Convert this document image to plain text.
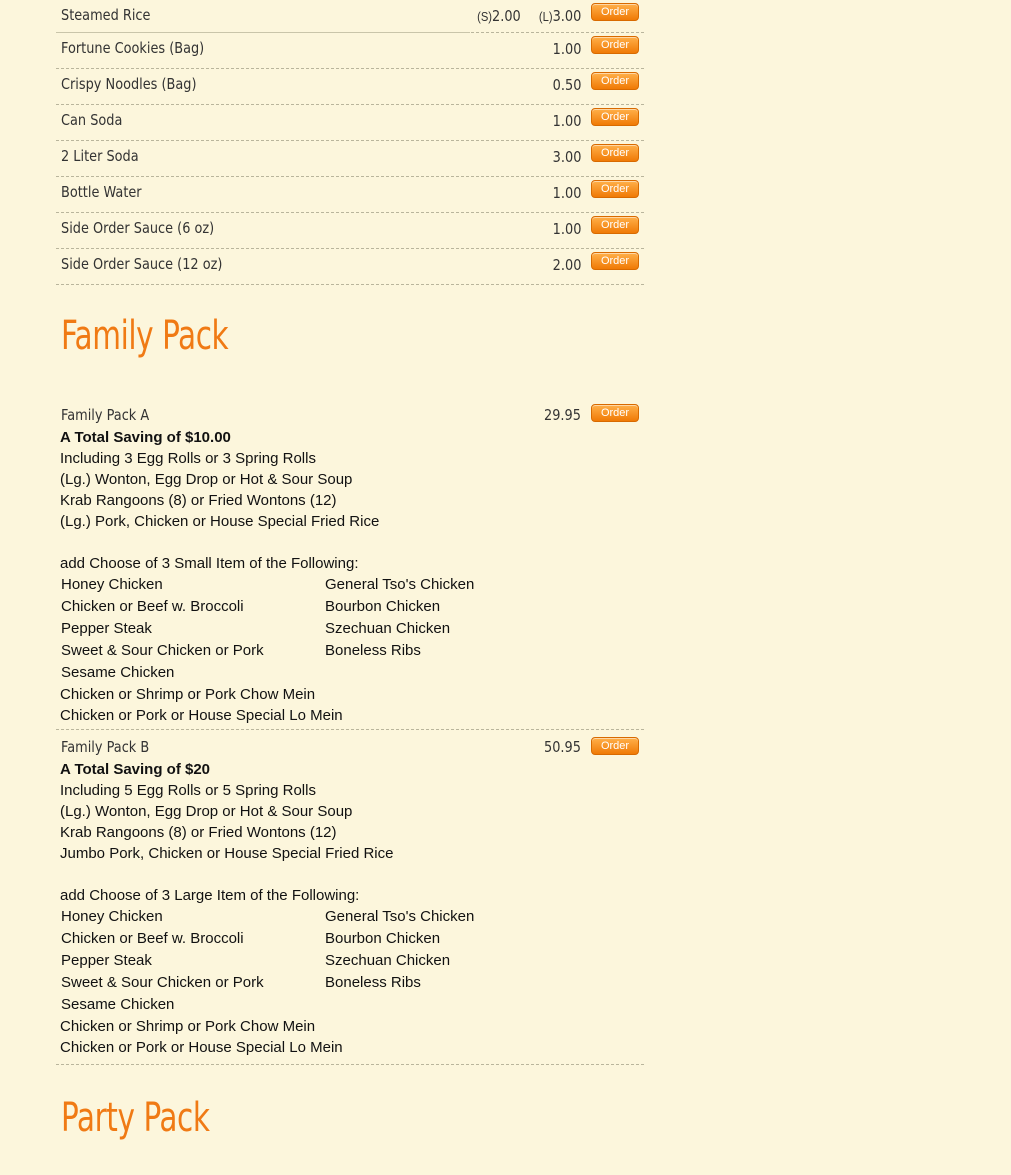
Steamed Rice	(S)2.00 (L)3.00	Order
Fortune Cookies (Bag)	1.00	Order
Crispy Noodles (Bag)	0.50	Order
Can Soda	1.00	Order
2 Liter Soda	3.00	Order
Bottle Water	1.00	Order
Side Order Sauce (6 oz)	1.00	Order
Side Order Sauce (12 oz)	2.00	Order
Family Pack
Family Pack A	29.95	Order
A Total Saving of $10.00
Including 3 Egg Rolls or 3 Spring Rolls
(Lg.) Wonton, Egg Drop or Hot & Sour Soup
Krab Rangoons (8) or Fried Wontons (12)
(Lg.) Pork, Chicken or House Special Fried Rice
add Choose of 3 Small Item of the Following:
Honey Chicken	General Tso's Chicken
Chicken or Beef w. Broccoli	Bourbon Chicken
Pepper Steak	Szechuan Chicken
Sweet & Sour Chicken or Pork	Boneless Ribs
Sesame Chicken
Chicken or Shrimp or Pork Chow Mein
Chicken or Pork or House Special Lo Mein
Family Pack B	50.95	Order
A Total Saving of $20
Including 5 Egg Rolls or 5 Spring Rolls
(Lg.) Wonton, Egg Drop or Hot & Sour Soup
Krab Rangoons (8) or Fried Wontons (12)
Jumbo Pork, Chicken or House Special Fried Rice
add Choose of 3 Large Item of the Following:
Honey Chicken	General Tso's Chicken
Chicken or Beef w. Broccoli	Bourbon Chicken
Pepper Steak	Szechuan Chicken
Sweet & Sour Chicken or Pork	Boneless Ribs
Sesame Chicken
Chicken or Shrimp or Pork Chow Mein
Chicken or Pork or House Special Lo Mein
Party Pack
